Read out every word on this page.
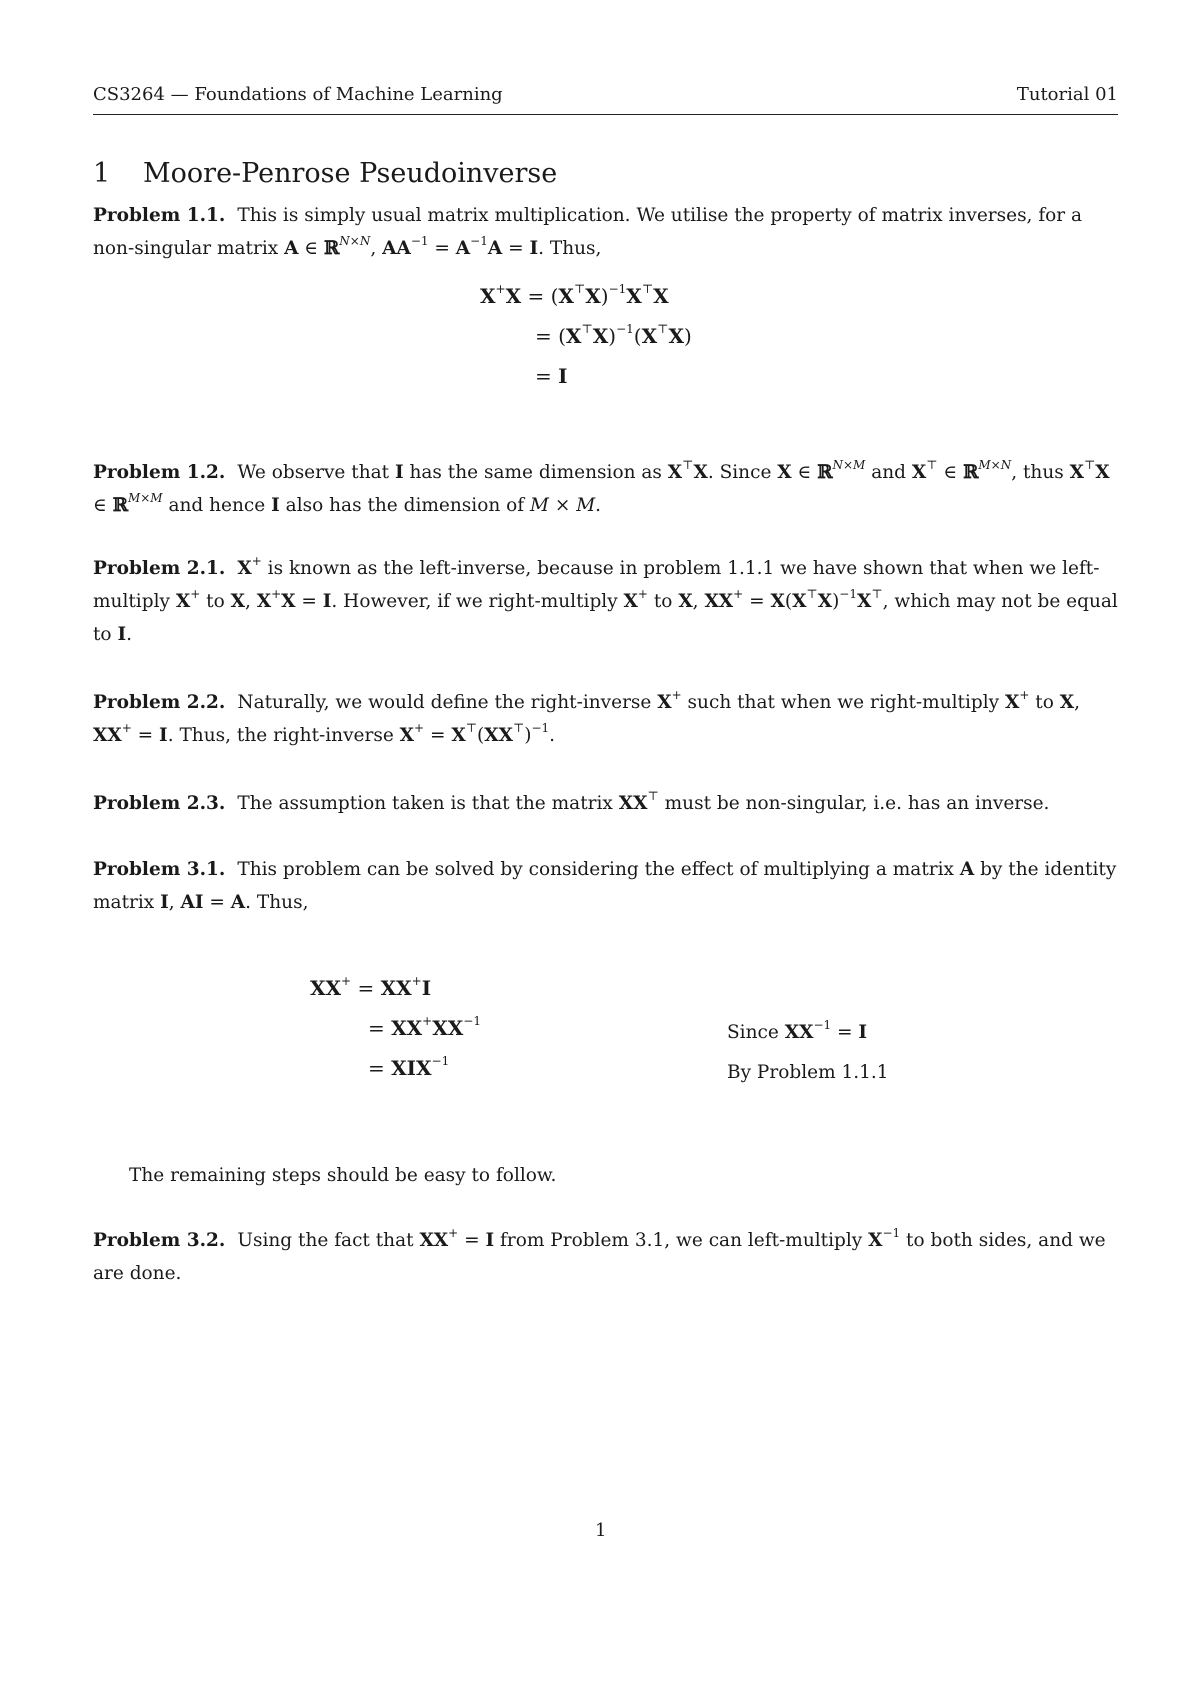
CS3264 — Foundations of Machine Learning	Tutorial 01
1 Moore-Penrose Pseudoinverse
Problem 1.1. This is simply usual matrix multiplication. We utilise the property of matrix inverses, for a non-singular matrix A ∈ ℝ$^{N\times N}$, $AA^{-1} = A^{-1}A = I$. Thus,
$X^+X = (X^⊤X)^{-1}X^⊤X$
= $(X^⊤X)^{-1}(X^⊤X)$
= I
Problem 1.2. We observe that I has the same dimension as X⊤X. Since X ∈ ℝ$^{N\times M}$ and X⊤ ∈ ℝ$^{M\times N}$, thus X⊤X ∈ ℝ$^{M\times M}$ and hence I also has the dimension of M × M.
Problem 2.1. X+ is known as the left-inverse, because in problem 1.1.1 we have shown that when we left-multiply X+ to X, X+X = I. However, if we right-multiply X+ to X, $XX^+ = X(X^⊤X)^{-1}X^⊤$, which may not be equal to I.
Problem 2.2. Naturally, we would define the right-inverse X+ such that when we right-multiply X+ to X, XX+ = I. Thus, the right-inverse $X^+ = X^⊤(XX^⊤)^{-1}$.
Problem 2.3. The assumption taken is that the matrix XX⊤ must be non-singular, i.e. has an inverse.
Problem 3.1. This problem can be solved by considering the effect of multiplying a matrix A by the identity matrix I, AI = A. Thus,
XX+ = XX+I
= $XX^+XX^{-1}$
= $XIX^{-1}$
Since $XX^{-1} = I$
By Problem 1.1.1
The remaining steps should be easy to follow.
Problem 3.2. Using the fact that XX+ = I from Problem 3.1, we can left-multiply $X^{-1}$ to both sides, and we are done.
1
